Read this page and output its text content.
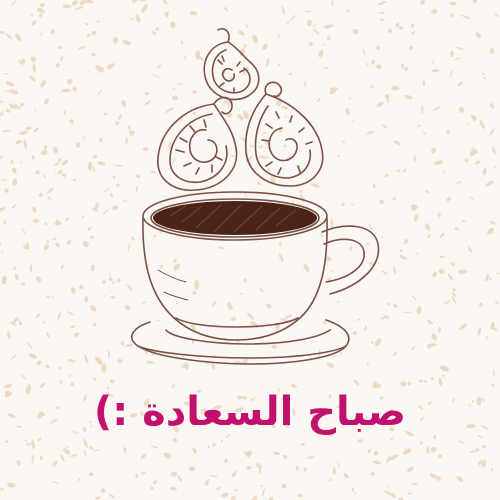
صباح السعادة :)
